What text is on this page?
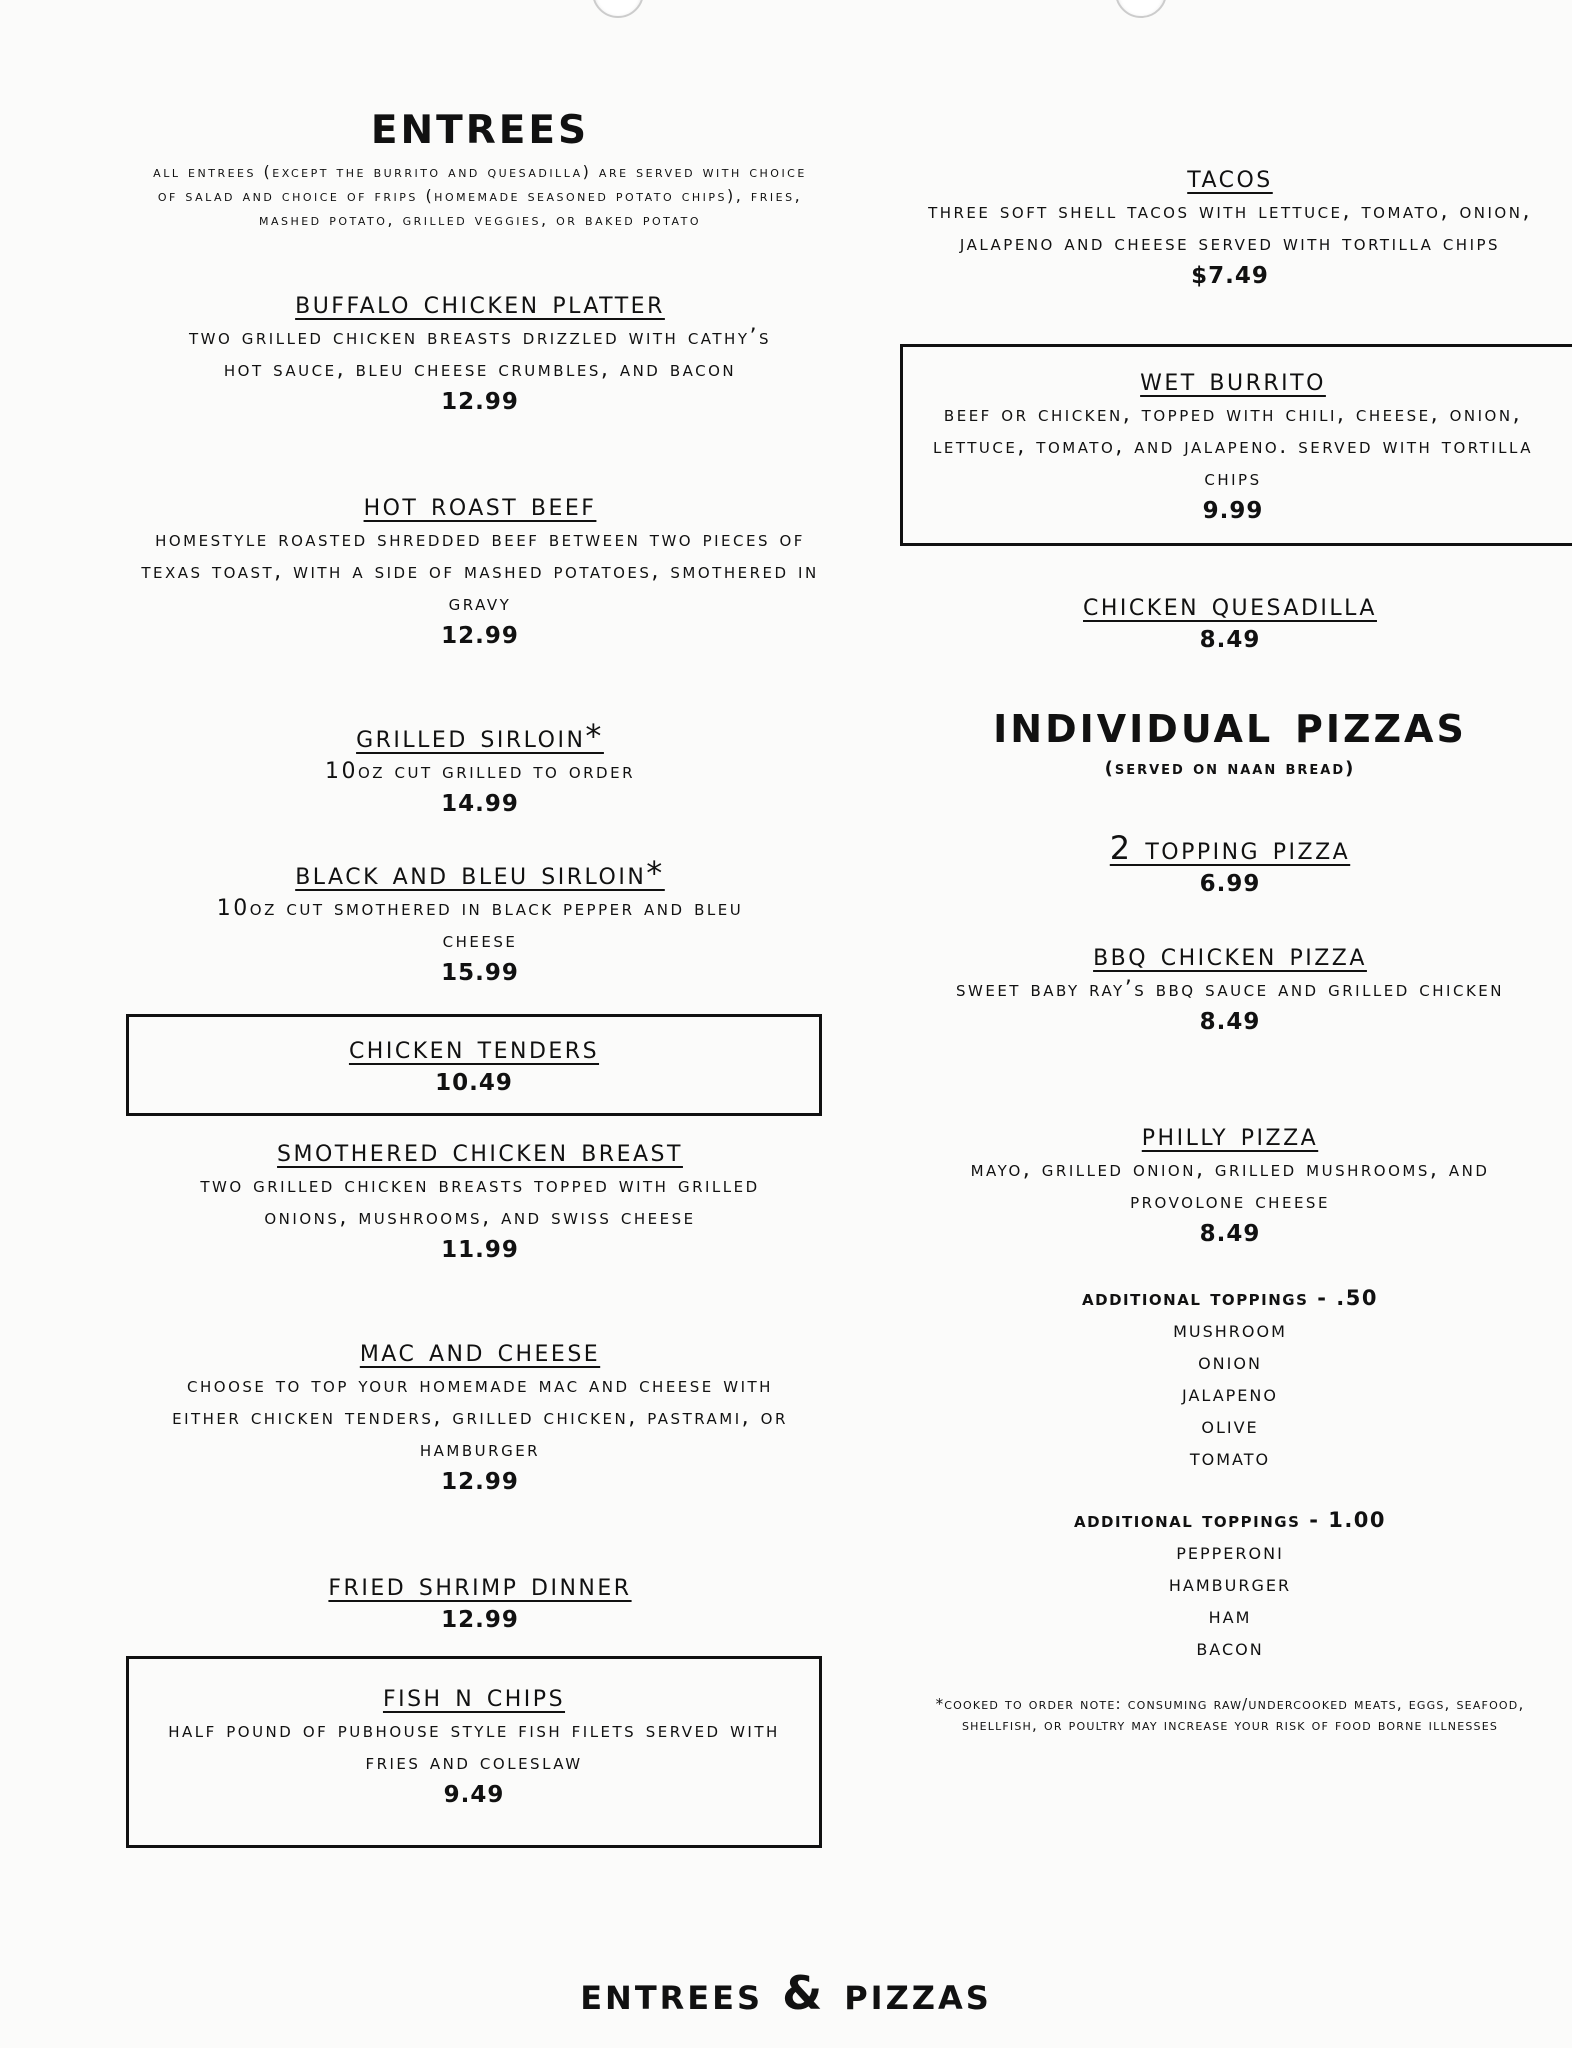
entrees
all entrees (except the burrito and quesadilla) are served with choice of salad and choice of frips (homemade seasoned potato chips), fries, mashed potato, grilled veggies, or baked potato
buffalo chicken platter
two grilled chicken breasts drizzled with cathy’s hot sauce, bleu cheese crumbles, and bacon
12.99
hot roast beef
homestyle roasted shredded beef between two pieces of texas toast, with a side of mashed potatoes, smothered in gravy
12.99
grilled sirloin*
10oz cut grilled to order
14.99
black and bleu sirloin*
10oz cut smothered in black pepper and bleu cheese
15.99
chicken tenders
10.49
smothered chicken breast
two grilled chicken breasts topped with grilled onions, mushrooms, and swiss cheese
11.99
mac and cheese
choose to top your homemade mac and cheese with either chicken tenders, grilled chicken, pastrami, or hamburger
12.99
fried shrimp dinner
12.99
fish n chips
half pound of pubhouse style fish filets served with fries and coleslaw
9.49
tacos
three soft shell tacos with lettuce, tomato, onion, jalapeno and cheese served with tortilla chips
$7.49
wet burrito
beef or chicken, topped with chili, cheese, onion, lettuce, tomato, and jalapeno. served with tortilla chips
9.99
chicken quesadilla
8.49
individual pizzas
(served on naan bread)
2 topping pizza
6.99
bbq chicken pizza
sweet baby ray’s bbq sauce and grilled chicken
8.49
philly pizza
mayo, grilled onion, grilled mushrooms, and provolone cheese
8.49
additional toppings - .50
mushroom
onion
jalapeno
olive
tomato
additional toppings - 1.00
pepperoni
hamburger
ham
bacon
*cooked to order note: consuming raw/undercooked meats, eggs, seafood, shellfish, or poultry may increase your risk of food borne illnesses
entrees & pizzas
